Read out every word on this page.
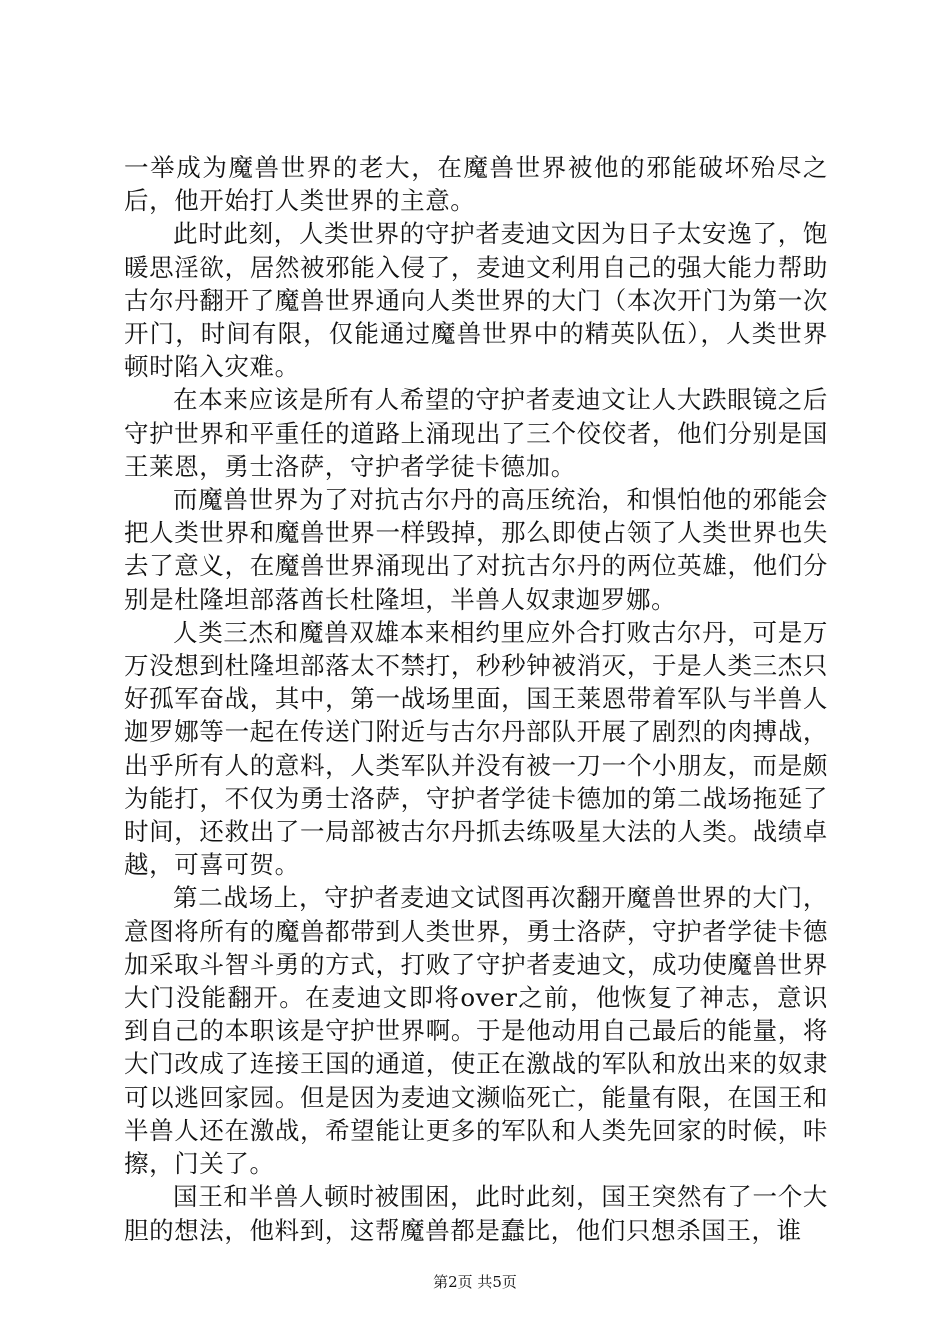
一举成为魔兽世界的老大，在魔兽世界被他的邪能破坏殆尽之后，他开始打人类世界的主意。

此时此刻，人类世界的守护者麦迪文因为日子太安逸了，饱暖思淫欲，居然被邪能入侵了，麦迪文利用自己的强大能力帮助古尔丹翻开了魔兽世界通向人类世界的大门（本次开门为第一次开门，时间有限，仅能通过魔兽世界中的精英队伍），人类世界顿时陷入灾难。

在本来应该是所有人希望的守护者麦迪文让人大跌眼镜之后守护世界和平重任的道路上涌现出了三个佼佼者，他们分别是国王莱恩，勇士洛萨，守护者学徒卡德加。

而魔兽世界为了对抗古尔丹的高压统治，和惧怕他的邪能会把人类世界和魔兽世界一样毁掉，那么即使占领了人类世界也失去了意义，在魔兽世界涌现出了对抗古尔丹的两位英雄，他们分别是杜隆坦部落酋长杜隆坦，半兽人奴隶迦罗娜。

人类三杰和魔兽双雄本来相约里应外合打败古尔丹，可是万万没想到杜隆坦部落太不禁打，秒秒钟被消灭，于是人类三杰只好孤军奋战，其中，第一战场里面，国王莱恩带着军队与半兽人迦罗娜等一起在传送门附近与古尔丹部队开展了剧烈的肉搏战，出乎所有人的意料，人类军队并没有被一刀一个小朋友，而是颇为能打，不仅为勇士洛萨，守护者学徒卡德加的第二战场拖延了时间，还救出了一局部被古尔丹抓去练吸星大法的人类。战绩卓越，可喜可贺。

第二战场上，守护者麦迪文试图再次翻开魔兽世界的大门，意图将所有的魔兽都带到人类世界，勇士洛萨，守护者学徒卡德加采取斗智斗勇的方式，打败了守护者麦迪文，成功使魔兽世界大门没能翻开。在麦迪文即将over之前，他恢复了神志，意识到自己的本职该是守护世界啊。于是他动用自己最后的能量，将大门改成了连接王国的通道，使正在激战的军队和放出来的奴隶可以逃回家园。但是因为麦迪文濒临死亡，能量有限，在国王和半兽人还在激战，希望能让更多的军队和人类先回家的时候，咔擦，门关了。

国王和半兽人顿时被围困，此时此刻，国王突然有了一个大胆的想法，他料到，这帮魔兽都是蠢比，他们只想杀国王，谁

第2页 共5页
